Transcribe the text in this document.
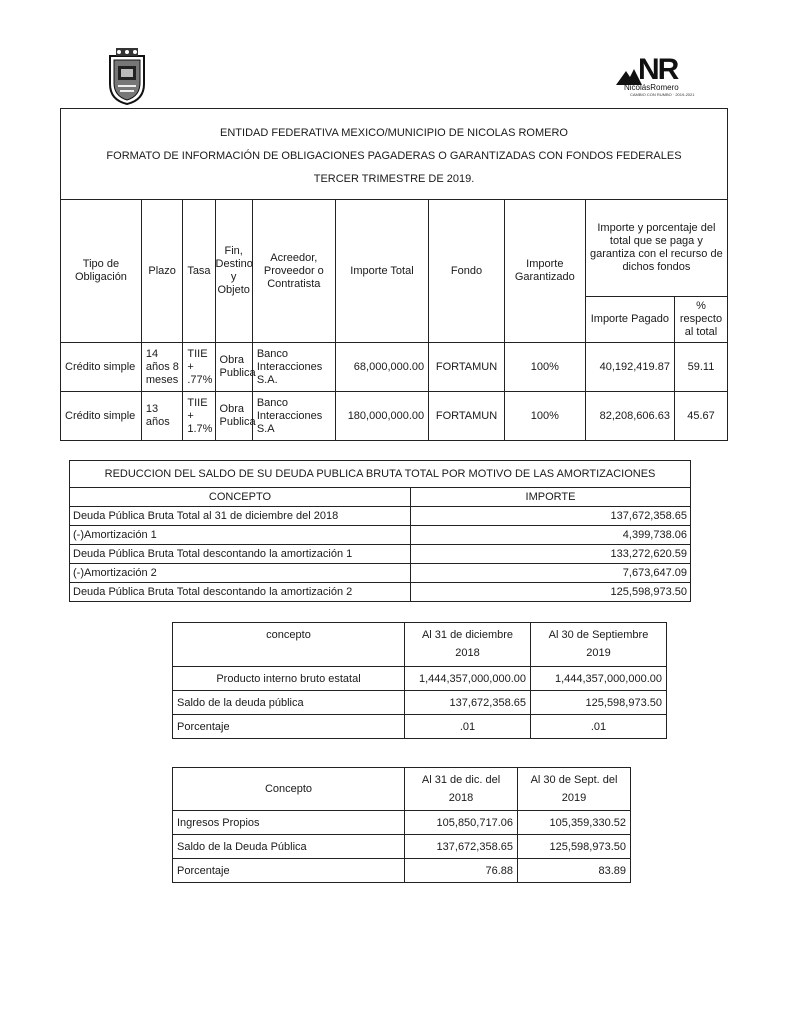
NR
NicolásRomero
CAMBIO CON RUMBO · 2019-2021
ENTIDAD FEDERATIVA MEXICO/MUNICIPIO DE NICOLAS ROMERO
FORMATO DE INFORMACIÓN DE OBLIGACIONES PAGADERAS O GARANTIZADAS CON FONDOS FEDERALES
TERCER TRIMESTRE DE 2019.									

Tipo de Obligación	Plazo	Tasa	Fin, Destino y Objeto	Acreedor, Proveedor o Contratista	Importe Total	Fondo	Importe Garantizado	Importe y porcentaje del total que se paga y garantiza con el recurso de dichos fondos	
								Importe Pagado	% respecto al total
Crédito simple	14 años 8 meses	TIIE + .77%	Obra Publica	Banco Interacciones S.A.	68,000,000.00	FORTAMUN	100%	40,192,419.87	59.11
Crédito simple	13 años	TIIE + 1.7%	Obra Publica	Banco Interacciones S.A	180,000,000.00	FORTAMUN	100%	82,208,606.63	45.67
REDUCCION DEL SALDO DE SU DEUDA PUBLICA BRUTA TOTAL POR MOTIVO DE LAS AMORTIZACIONES	
CONCEPTO	IMPORTE
Deuda Pública Bruta Total al 31 de diciembre del 2018	137,672,358.65
(-)Amortización 1	4,399,738.06
Deuda Pública Bruta Total descontando la amortización 1	133,272,620.59
(-)Amortización 2	7,673,647.09
Deuda Pública Bruta Total descontando la amortización 2	125,598,973.50
concepto	Al 31 de diciembre 2018	Al 30 de Septiembre 2019
Producto interno bruto estatal	1,444,357,000,000.00	1,444,357,000,000.00
Saldo de la deuda pública	137,672,358.65	125,598,973.50
Porcentaje	.01	.01
Concepto	Al 31 de dic. del 2018	Al 30 de Sept. del 2019
Ingresos Propios	105,850,717.06	105,359,330.52
Saldo de la Deuda Pública	137,672,358.65	125,598,973.50
Porcentaje	76.88	83.89
